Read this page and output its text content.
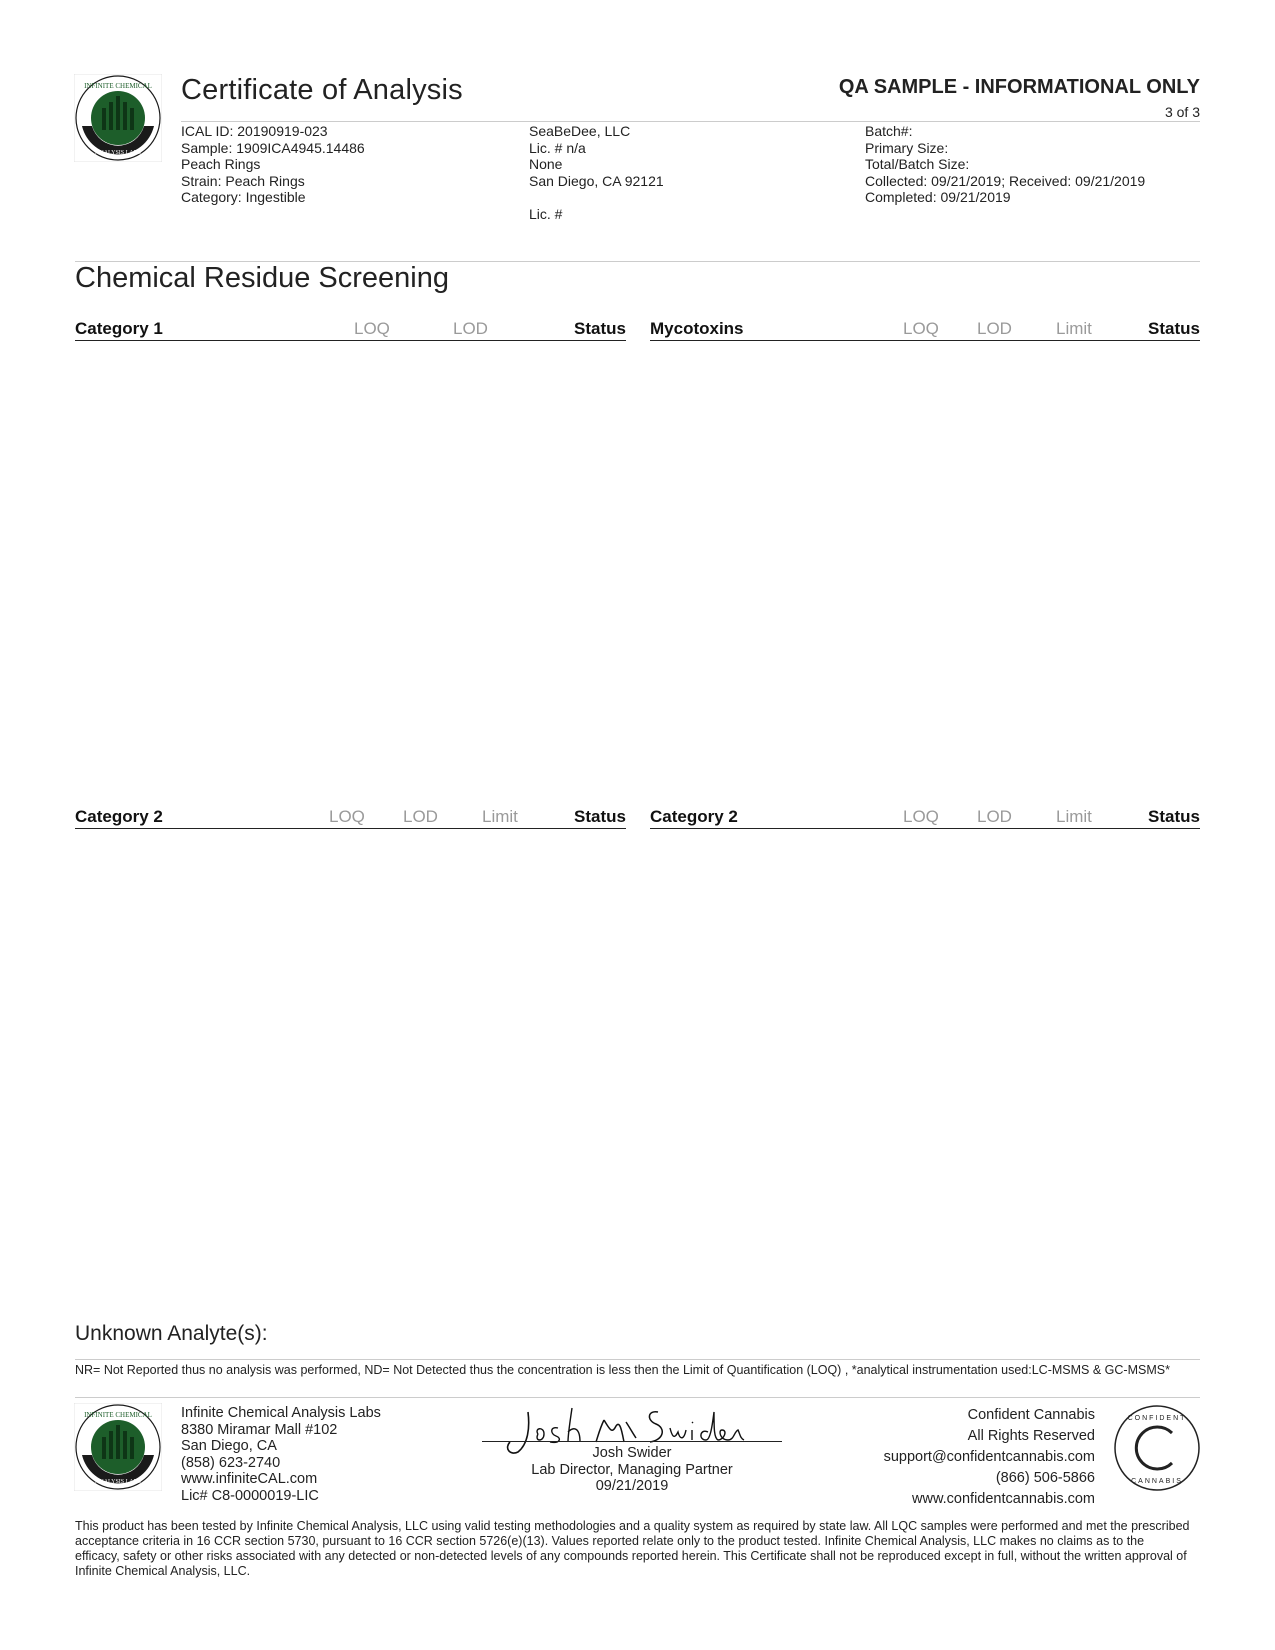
INFINITE CHEMICAL
ANALYSIS LABS
Certificate of Analysis	QA SAMPLE - INFORMATIONAL ONLY
3 of 3
ICAL ID: 20190919-023
Sample: 1909ICA4945.14486
Peach Rings
Strain: Peach Rings
Category: Ingestible
SeaBeDee, LLC
Lic. # n/a
None
San Diego, CA 92121
Lic. #
Batch#:
Primary Size:
Total/Batch Size:
Collected: 09/21/2019; Received: 09/21/2019
Completed: 09/21/2019
Chemical Residue Screening
Category 1	LOQ	LOD	Status Mycotoxins	LOQ LOD	Limit	Status
Category 2	LOQ LOD	Limit	Status Category 2	LOQ LOD	Limit	Status
Unknown Analyte(s):
NR= Not Reported thus no analysis was performed, ND= Not Detected thus the concentration is less then the Limit of Quantification (LOQ) , *analytical instrumentation used:LC-MSMS & GC-MSMS*
INFINITE CHEMICAL
ANALYSIS LABS
Infinite Chemical Analysis Labs
8380 Miramar Mall #102
San Diego, CA
(858) 623-2740
www.infiniteCAL.com
Lic# C8-0000019-LIC
Josh Swider
Lab Director, Managing Partner
09/21/2019
Confident Cannabis
All Rights Reserved
support@confidentcannabis.com
(866) 506-5866
www.confidentcannabis.com
CONFIDENT
CANNABIS
This product has been tested by Infinite Chemical Analysis, LLC using valid testing methodologies and a quality system as required by state law. All LQC samples were performed and met the prescribed acceptance criteria in 16 CCR section 5730, pursuant to 16 CCR section 5726(e)(13). Values reported relate only to the product tested. Infinite Chemical Analysis, LLC makes no claims as to the efficacy, safety or other risks associated with any detected or non-detected levels of any compounds reported herein. This Certificate shall not be reproduced except in full, without the written approval of Infinite Chemical Analysis, LLC.
